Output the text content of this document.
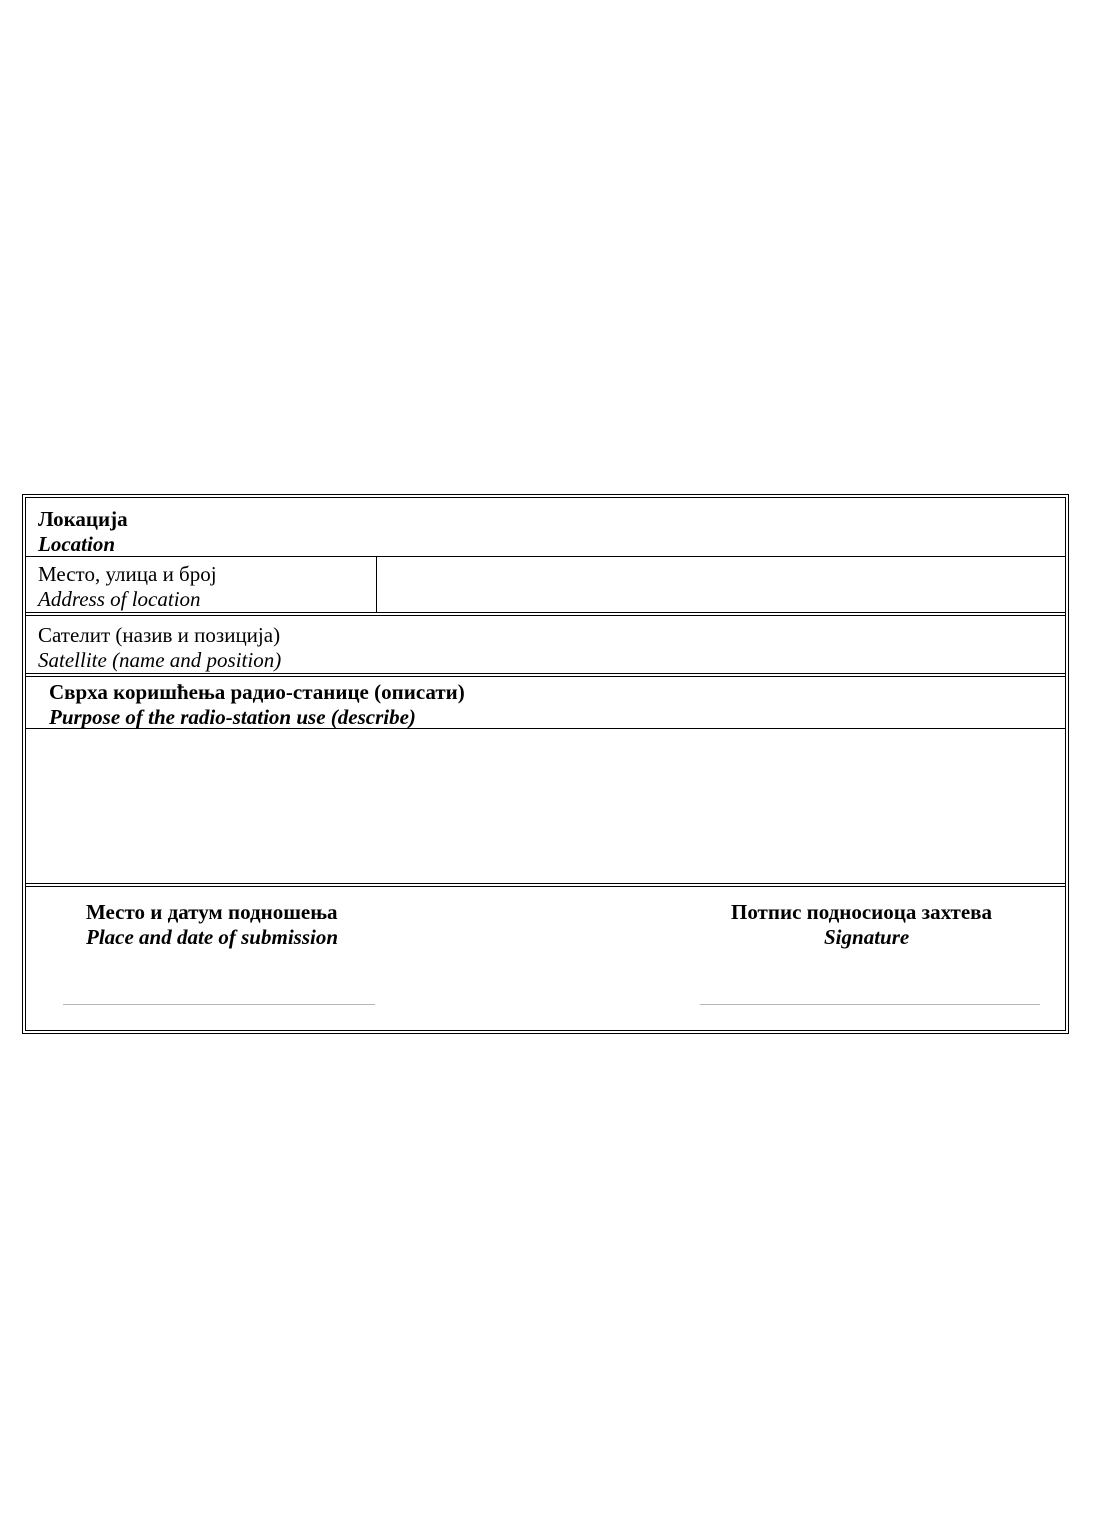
Локација
Location
Место, улица и број
Address of location
Сателит (назив и позиција)
Satellite (name and position)
Сврха коришћења радио-станице (описати)
Purpose of the radio-station use (describe)
Место и датум подношења
Place and date of submission
Потпис подносиоца захтева
Signature
